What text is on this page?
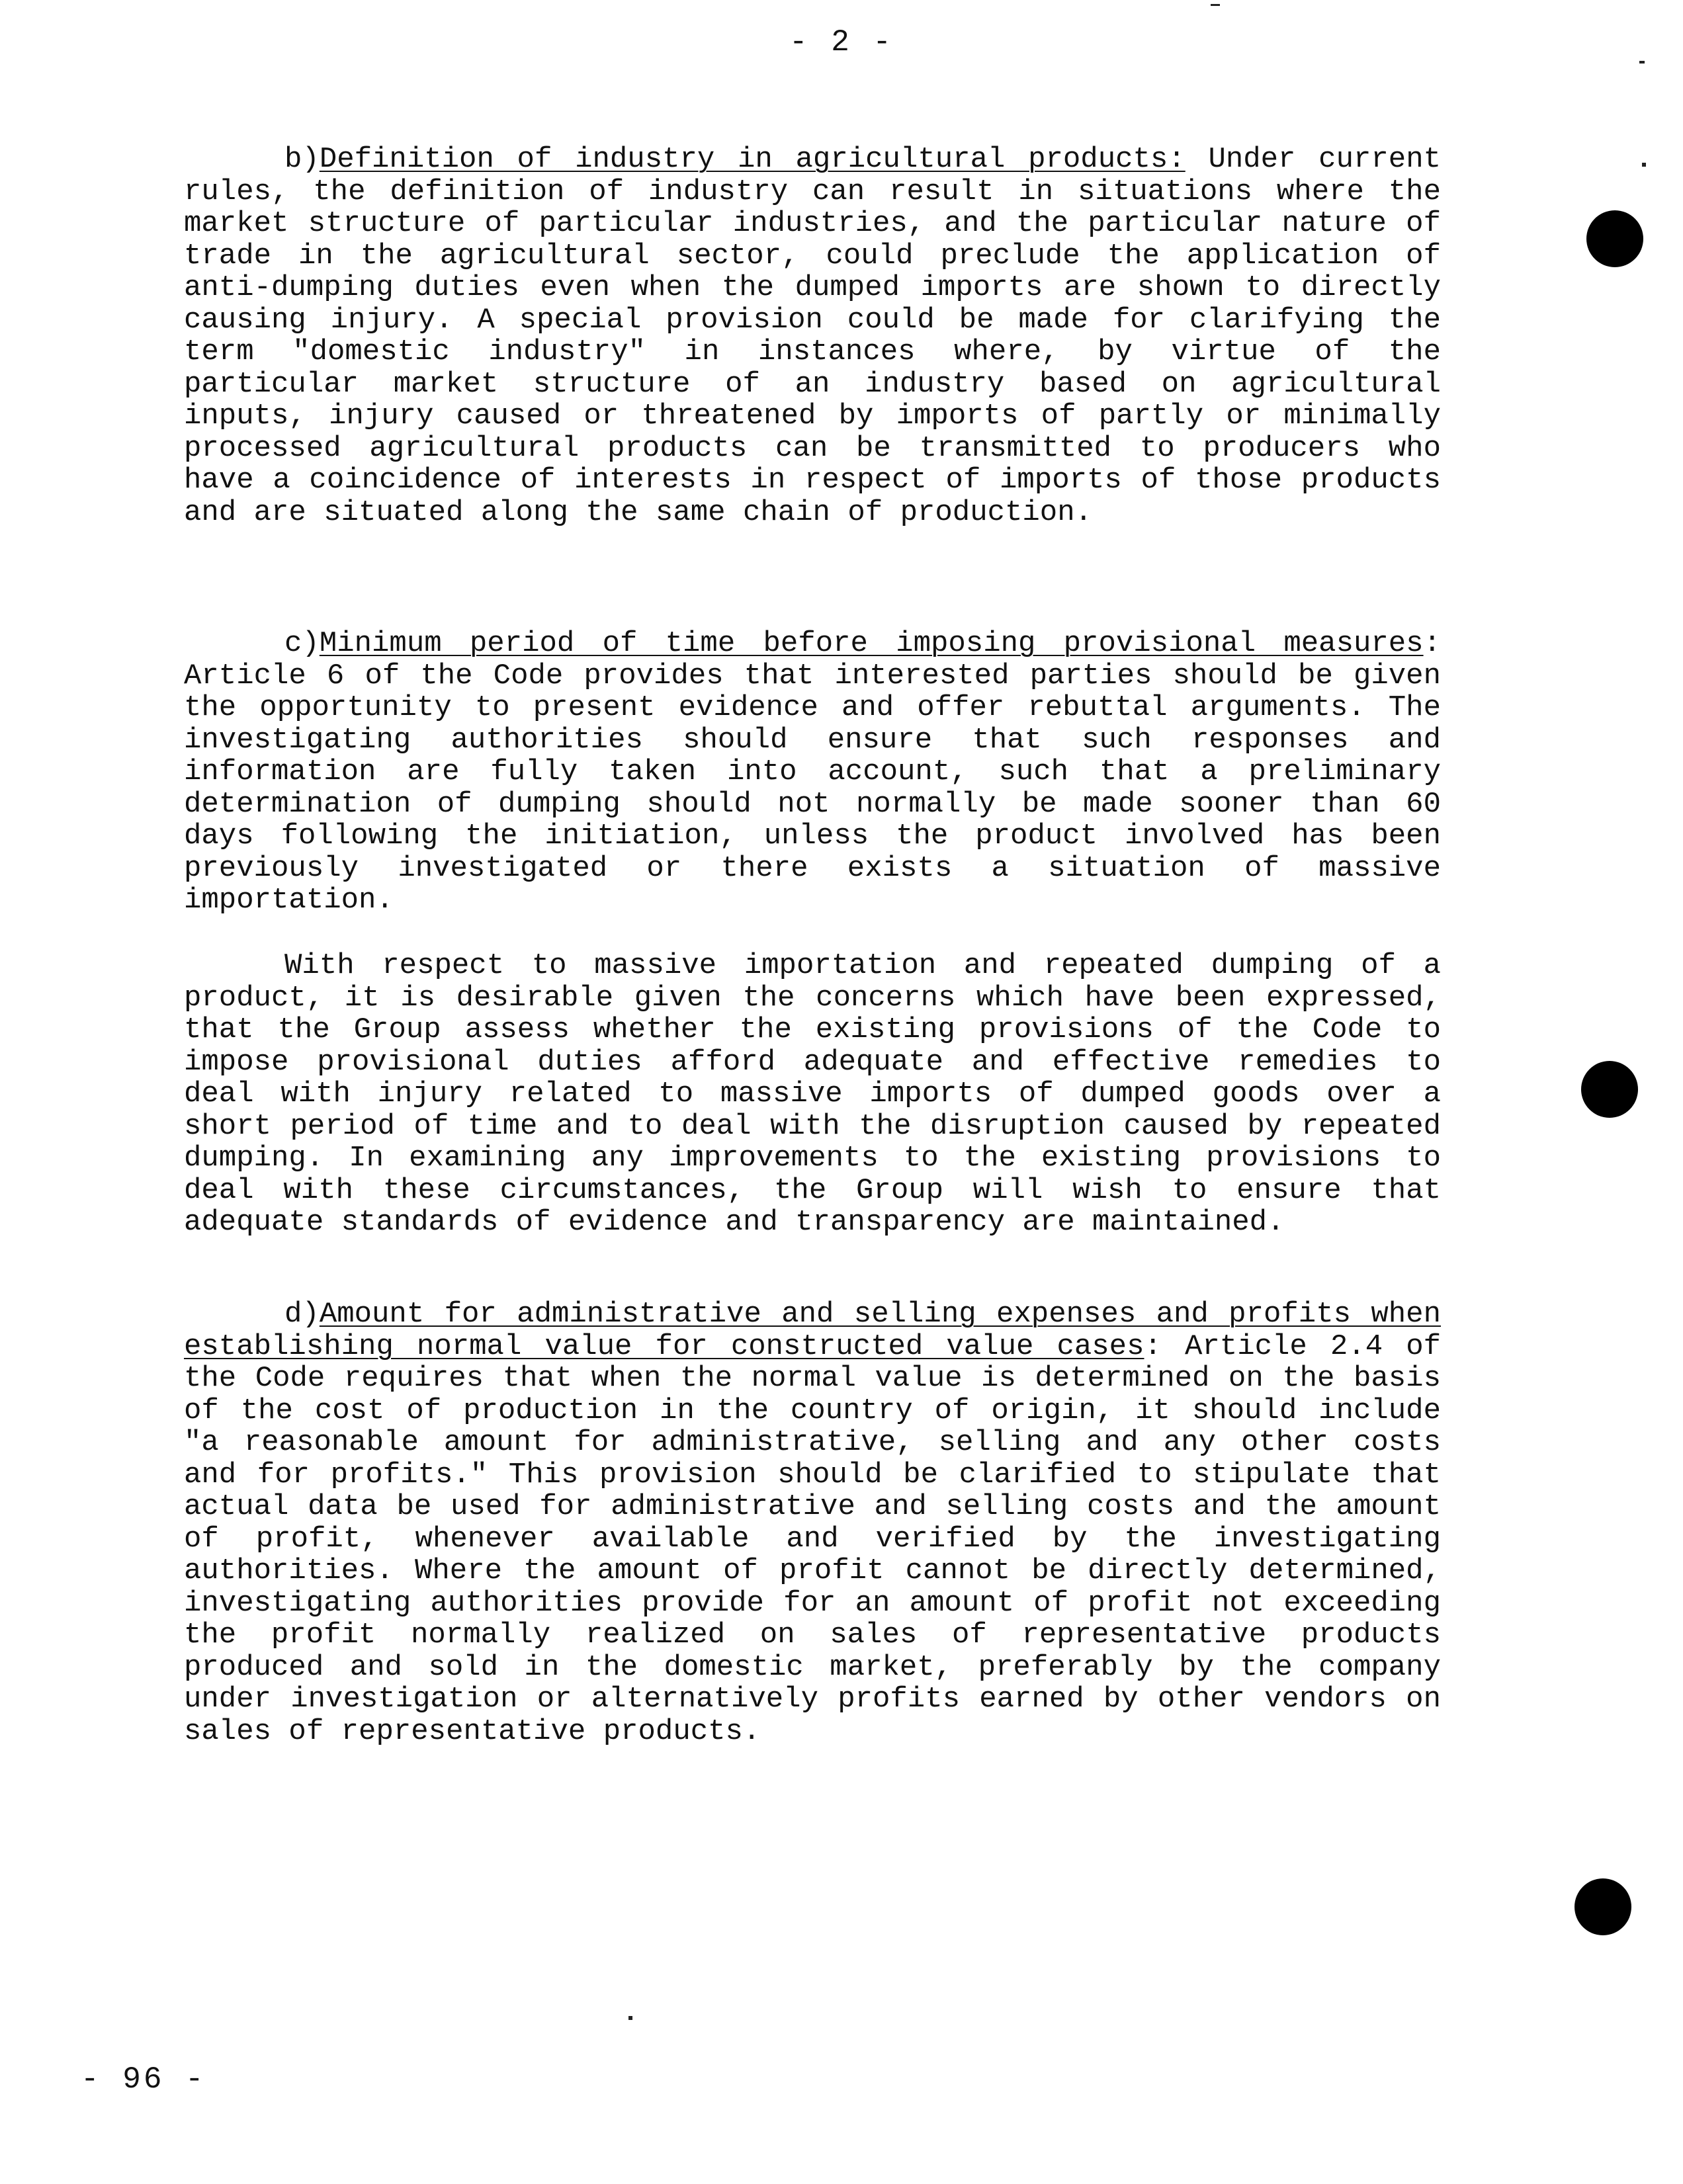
- 2 -
b)Definition of industry in agricultural products: Under current rules, the definition of industry can result in situations where the market structure of particular industries, and the particular nature of trade in the agricultural sector, could preclude the application of anti-dumping duties even when the dumped imports are shown to directly causing injury. A special provision could be made for clarifying the term "domestic industry" in instances where, by virtue of the particular market structure of an industry based on agricultural inputs, injury caused or threatened by imports of partly or minimally processed agricultural products can be transmitted to producers who have a coincidence of interests in respect of imports of those products and are situated along the same chain of production.
c)Minimum period of time before imposing provisional measures: Article 6 of the Code provides that interested parties should be given the opportunity to present evidence and offer rebuttal arguments. The investigating authorities should ensure that such responses and information are fully taken into account, such that a preliminary determination of dumping should not normally be made sooner than 60 days following the initiation, unless the product involved has been previously investigated or there exists a situation of massive importation.
With respect to massive importation and repeated dumping of a product, it is desirable given the concerns which have been expressed, that the Group assess whether the existing provisions of the Code to impose provisional duties afford adequate and effective remedies to deal with injury related to massive imports of dumped goods over a short period of time and to deal with the disruption caused by repeated dumping. In examining any improvements to the existing provisions to deal with these circumstances, the Group will wish to ensure that adequate standards of evidence and transparency are maintained.
d)Amount for administrative and selling expenses and profits when establishing normal value for constructed value cases: Article 2.4 of the Code requires that when the normal value is determined on the basis of the cost of production in the country of origin, it should include "a reasonable amount for administrative, selling and any other costs and for profits." This provision should be clarified to stipulate that actual data be used for administrative and selling costs and the amount of profit, whenever available and verified by the investigating authorities. Where the amount of profit cannot be directly determined, investigating authorities provide for an amount of profit not exceeding the profit normally realized on sales of representative products produced and sold in the domestic market, preferably by the company under investigation or alternatively profits earned by other vendors on sales of representative products.
- 96 -
